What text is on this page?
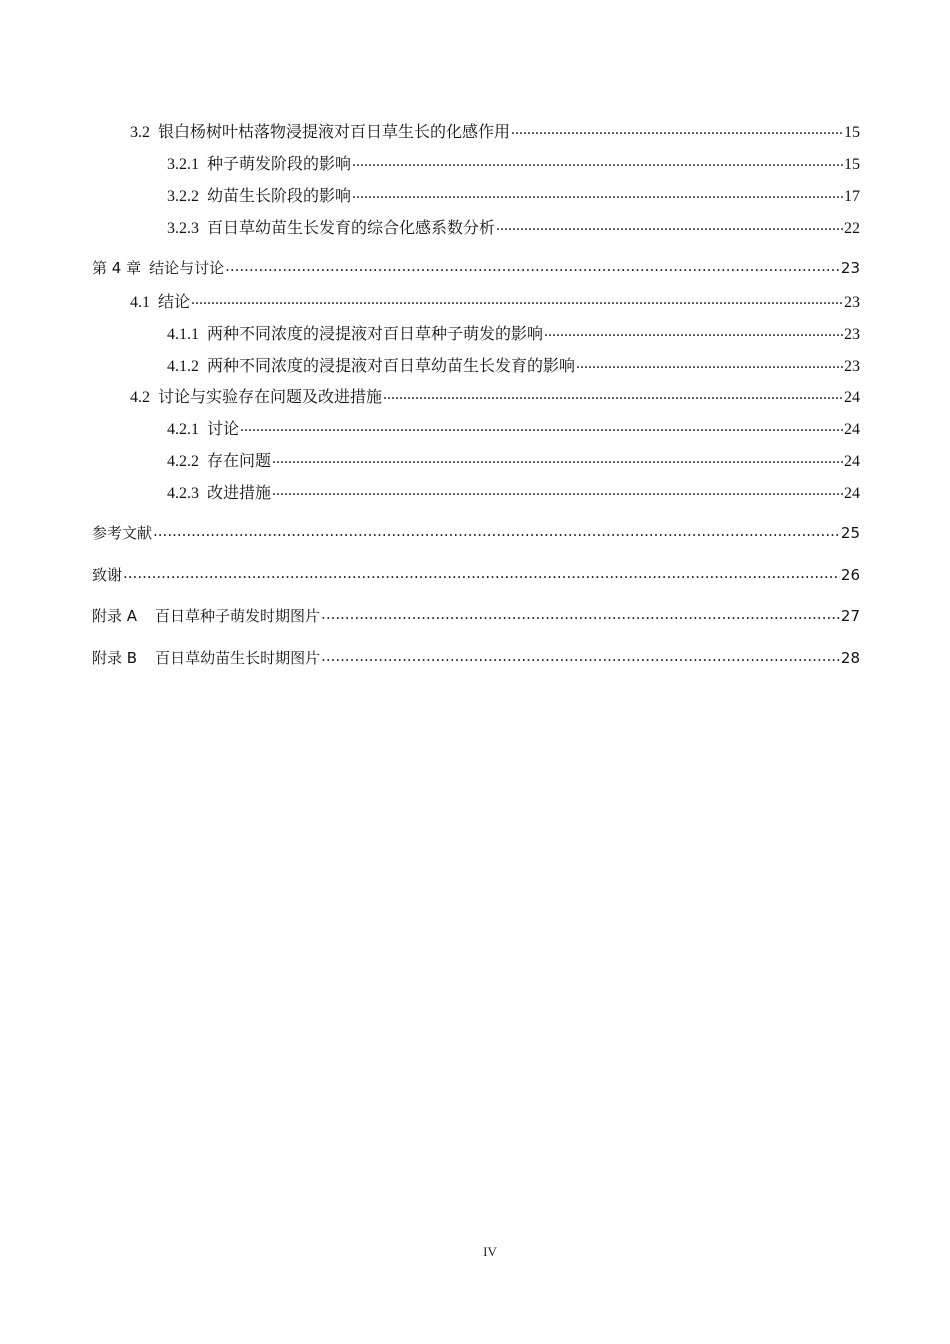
3.2 银白杨树叶枯落物浸提液对百日草生长的化感作用 .....	15
3.2.1 种子萌发阶段的影响 .....	15
3.2.2 幼苗生长阶段的影响 .....	17
3.2.3 百日草幼苗生长发育的综合化感系数分析 .....	22
第 4 章 结论与讨论 .....	23
4.1 结论 .....	23
4.1.1 两种不同浓度的浸提液对百日草种子萌发的影响 .....	23
4.1.2 两种不同浓度的浸提液对百日草幼苗生长发育的影响 .....	23
4.2 讨论与实验存在问题及改进措施 .....	24
4.2.1 讨论 .....	24
4.2.2 存在问题 .....	24
4.2.3 改进措施 .....	24
参考文献 .....	25
致谢 .....	26
附录 A 百日草种子萌发时期图片 .....	27
附录 B 百日草幼苗生长时期图片 .....	28
IV
